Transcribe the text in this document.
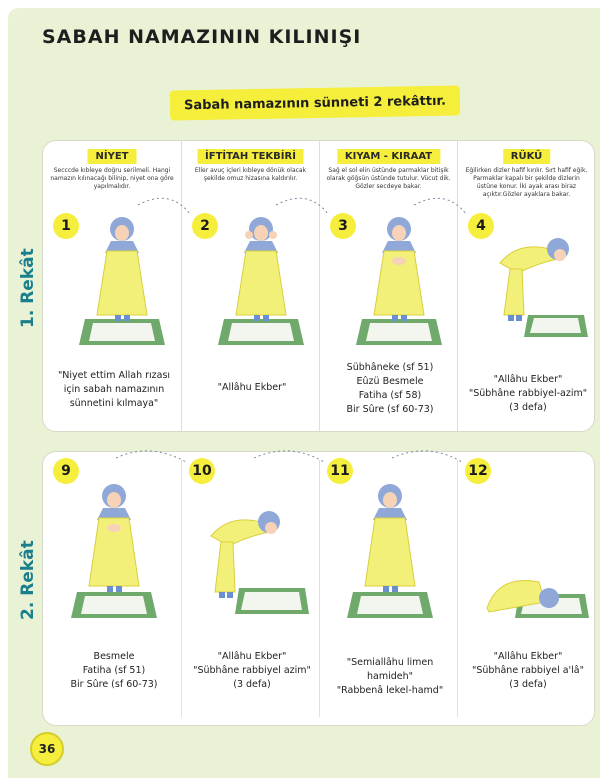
SABAH NAMAZININ KILINIŞI
Sabah namazının sünneti 2 rekâttır.
NİYET
Secccde kıbleye doğru serilmeli. Hangi namazın kılınacağı bilinip, niyet ona göre yapılmalıdır.
1
İFTİTAH TEKBİRİ
Eller avuç içleri kıbleye dönük olacak şekilde omuz hizasına kaldırılır.
2
KIYAM - KIRAAT
Sağ el sol elin üstünde parmaklar bitişik olarak göğsün üstünde tutulur. Vücut dik. Gözler secdeye bakar.
3
RÜKÛ
Eğilirken dizler hafif kırılır. Sırt hafif eğik. Parmaklar kapalı bir şekilde dizlerin üstüne konur. İki ayak arası biraz açıktır.Gözler ayaklara bakar.
4
"Niyet ettim Allah rızası için sabah namazının sünnetini kılmaya"
"Allâhu Ekber"
Sübhâneke (sf 51)
Eûzü Besmele
Fatiha (sf 58)
Bir Sûre (sf 60-73)
"Allâhu Ekber"
"Sübhâne rabbiyel-azim"
(3 defa)
9	10	11	12
Besmele
Fatiha (sf 51)
Bir Sûre (sf 60-73)
"Allâhu Ekber"
"Sübhâne rabbiyel azim"
(3 defa)
"Semiallâhu limen hamideh"
"Rabbenâ lekel-hamd"
"Allâhu Ekber"
"Sübhâne rabbiyel a'lâ"
(3 defa)
1. Rekât
2. Rekât
36
